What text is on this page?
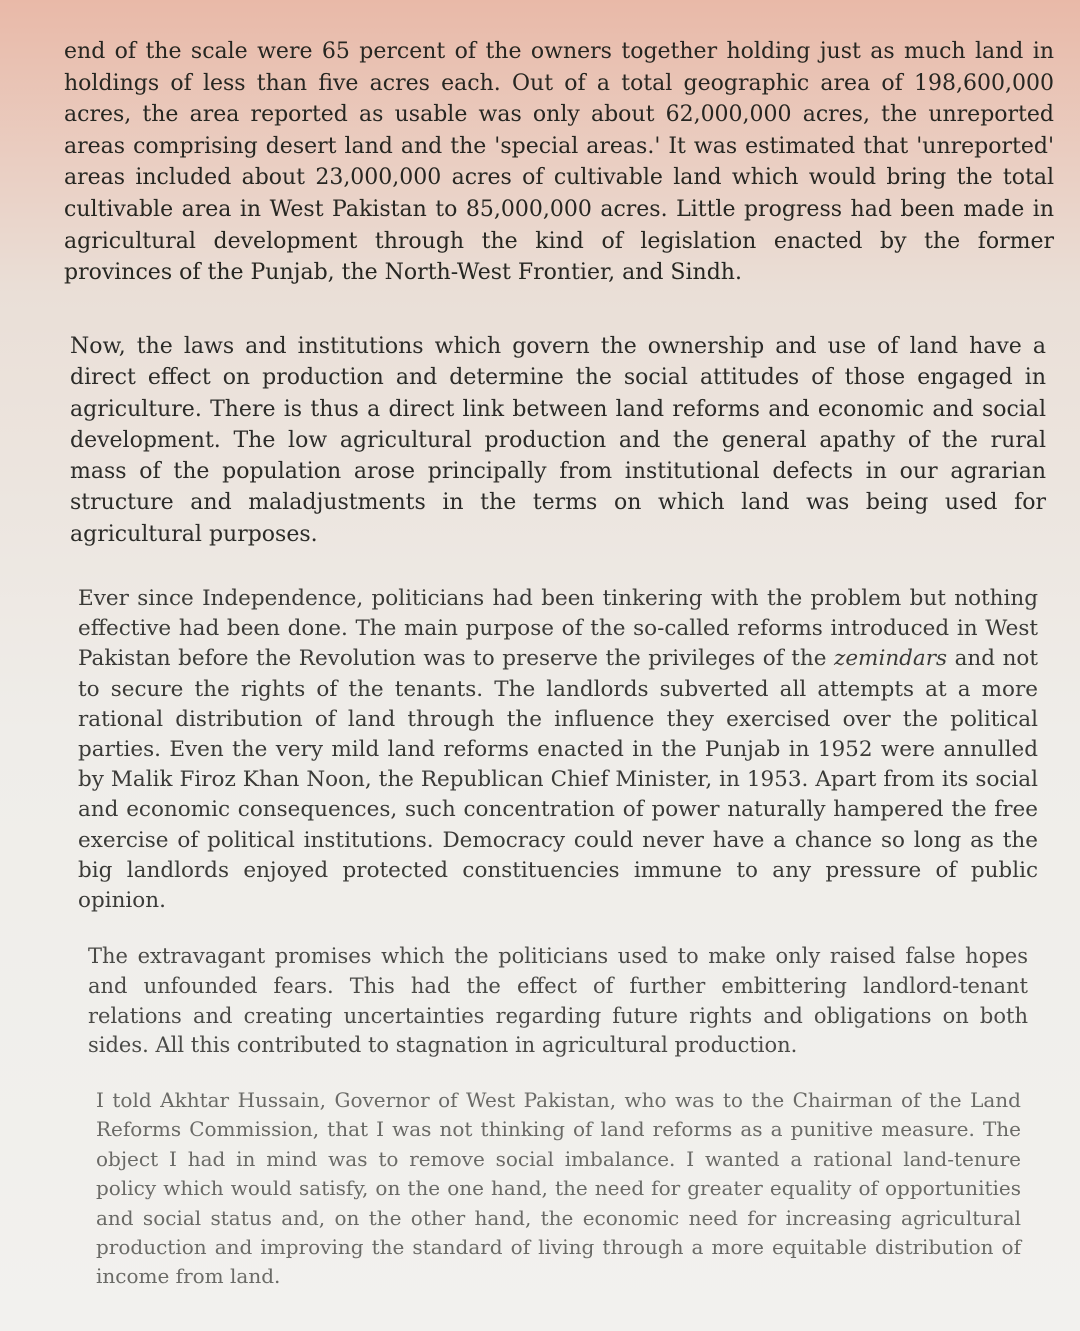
end of the scale were 65 percent of the owners together holding just as much land in holdings of less than five acres each. Out of a total geographic area of 198,600,000 acres, the area reported as usable was only about 62,000,000 acres, the unreported areas comprising desert land and the 'special areas.' It was estimated that 'unreported' areas included about 23,000,000 acres of cultivable land which would bring the total cultivable area in West Pakistan to 85,000,000 acres. Little progress had been made in agricultural development through the kind of legislation enacted by the former provinces of the Punjab, the North-West Frontier, and Sindh.

Now, the laws and institutions which govern the ownership and use of land have a direct effect on production and determine the social attitudes of those engaged in agriculture. There is thus a direct link between land reforms and economic and social development. The low agricultural production and the general apathy of the rural mass of the population arose principally from institutional defects in our agrarian structure and maladjustments in the terms on which land was being used for agricultural purposes.

Ever since Independence, politicians had been tinkering with the problem but nothing effective had been done. The main purpose of the so-called reforms introduced in West Pakistan before the Revolution was to preserve the privileges of the zemindars and not to secure the rights of the tenants. The landlords subverted all attempts at a more rational distribution of land through the influence they exercised over the political parties. Even the very mild land reforms enacted in the Punjab in 1952 were annulled by Malik Firoz Khan Noon, the Republican Chief Minister, in 1953. Apart from its social and economic consequences, such concentration of power naturally hampered the free exercise of political institutions. Democracy could never have a chance so long as the big landlords enjoyed protected constituencies immune to any pressure of public opinion.

The extravagant promises which the politicians used to make only raised false hopes and unfounded fears. This had the effect of further embittering landlord-tenant relations and creating uncertainties regarding future rights and obligations on both sides. All this contributed to stagnation in agricultural production.

I told Akhtar Hussain, Governor of West Pakistan, who was to the Chairman of the Land Reforms Commission, that I was not thinking of land reforms as a punitive measure. The object I had in mind was to remove social imbalance. I wanted a rational land-tenure policy which would satisfy, on the one hand, the need for greater equality of opportunities and social status and, on the other hand, the economic need for increasing agricultural production and improving the standard of living through a more equitable distribution of income from land.
